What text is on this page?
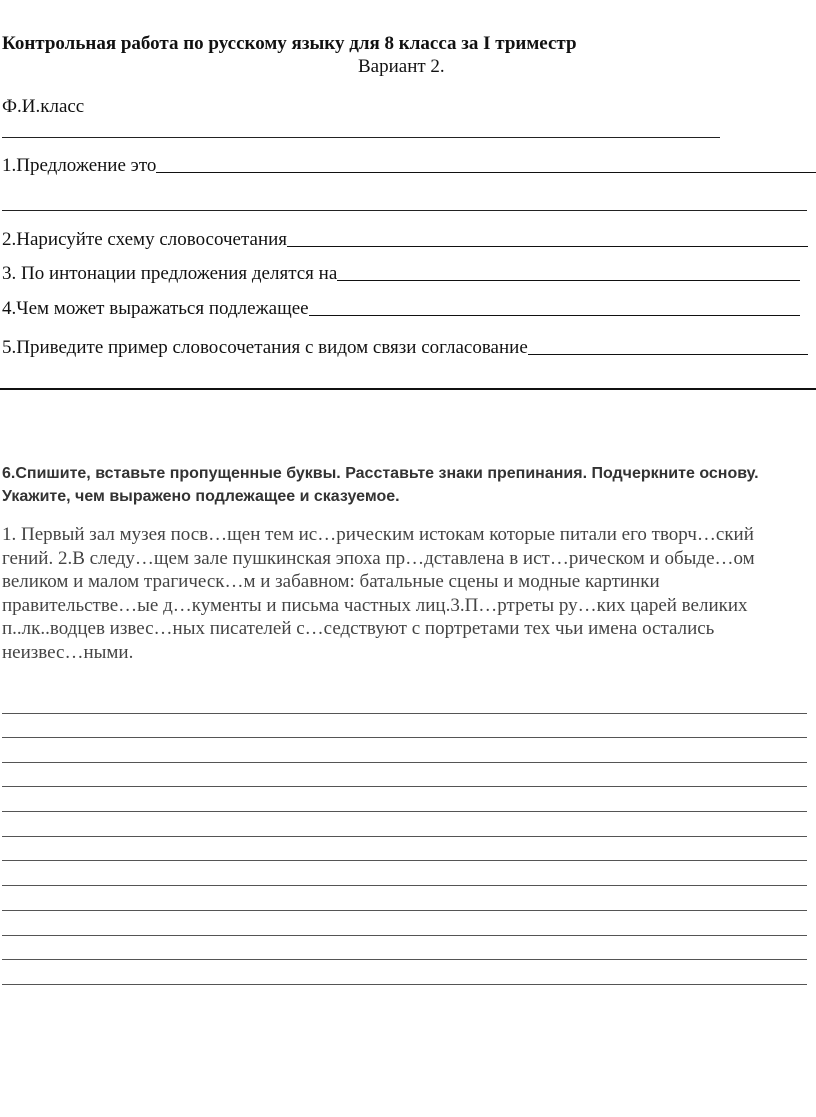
Контрольная работа по русскому языку для 8 класса за I триместр
Вариант 2.
Ф.И.класс
1.Предложение это
2.Нарисуйте схему словосочетания
3. По интонации предложения делятся на
4.Чем может выражаться подлежащее
5.Приведите пример словосочетания с видом связи согласование
6.Спишите, вставьте пропущенные буквы. Расставьте знаки препинания. Подчеркните основу. Укажите, чем выражено подлежащее и сказуемое.
1. Первый зал музея посв…щен тем ис…рическим истокам которые питали его творч…ский гений. 2.В следу…щем зале пушкинская эпоха пр…дставлена в ист…рическом и обыде…ом великом и малом трагическ…м и забавном: батальные сцены и модные картинки правительстве…ые д…кументы и письма частных лиц.3.П…ртреты ру…ких царей великих п..лк..водцев извес…ных писателей с…седствуют с портретами тех чьи имена остались неизвес…ными.
